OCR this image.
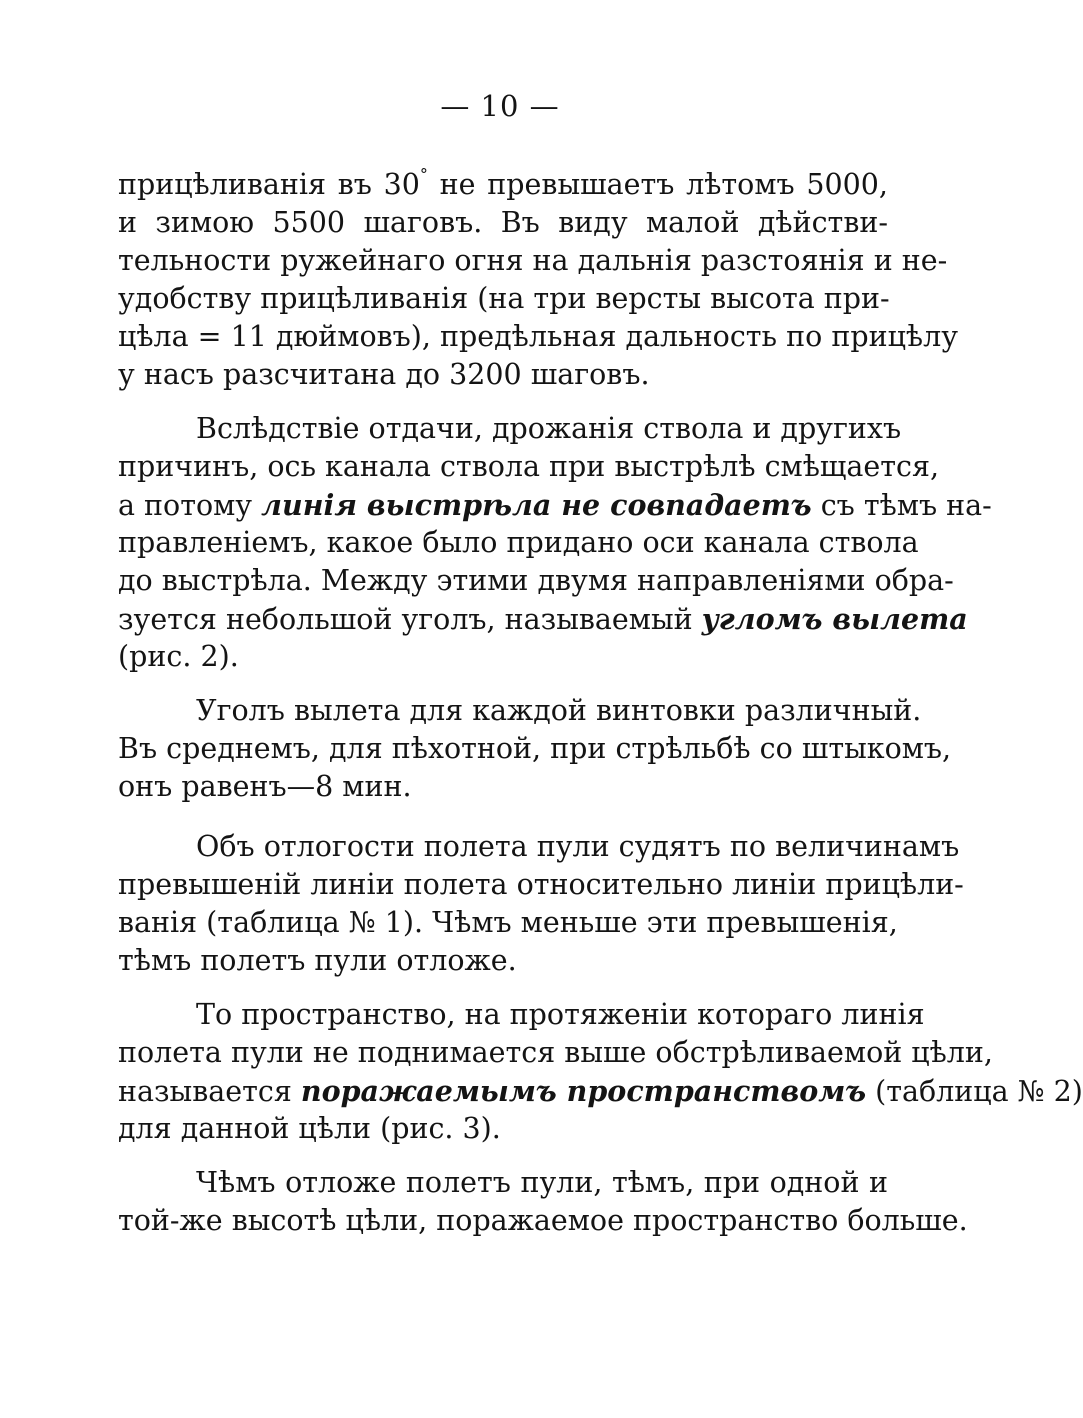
— 10 —
прицѣливанія въ 30° не превышаетъ лѣтомъ 5000,
и зимою 5500 шаговъ. Въ виду малой дѣйстви-
тельности ружейнаго огня на дальнія разстоянія и не-
удобству прицѣливанія (на три версты высота при-
цѣла = 11 дюймовъ), предѣльная дальность по прицѣлу
у насъ разсчитана до 3200 шаговъ.
Вслѣдствіе отдачи, дрожанія ствола и другихъ
причинъ, ось канала ствола при выстрѣлѣ смѣщается,
а потому линія выстрѣла не совпадаетъ съ тѣмъ на-
правленіемъ, какое было придано оси канала ствола
до выстрѣла. Между этими двумя направленіями обра-
зуется небольшой уголъ, называемый угломъ вылета
(рис. 2).
Уголъ вылета для каждой винтовки различный.
Въ среднемъ, для пѣхотной, при стрѣльбѣ со штыкомъ,
онъ равенъ—8 мин.
Объ отлогости полета пули судятъ по величинамъ
превышеній линіи полета относительно линіи прицѣли-
ванія (таблица № 1). Чѣмъ меньше эти превышенія,
тѣмъ полетъ пули отложе.
То пространство, на протяженіи котораго линія
полета пули не поднимается выше обстрѣливаемой цѣли,
называется поражаемымъ пространствомъ (таблица № 2)
для данной цѣли (рис. 3).
Чѣмъ отложе полетъ пули, тѣмъ, при одной и
той-же высотѣ цѣли, поражаемое пространство больше.
